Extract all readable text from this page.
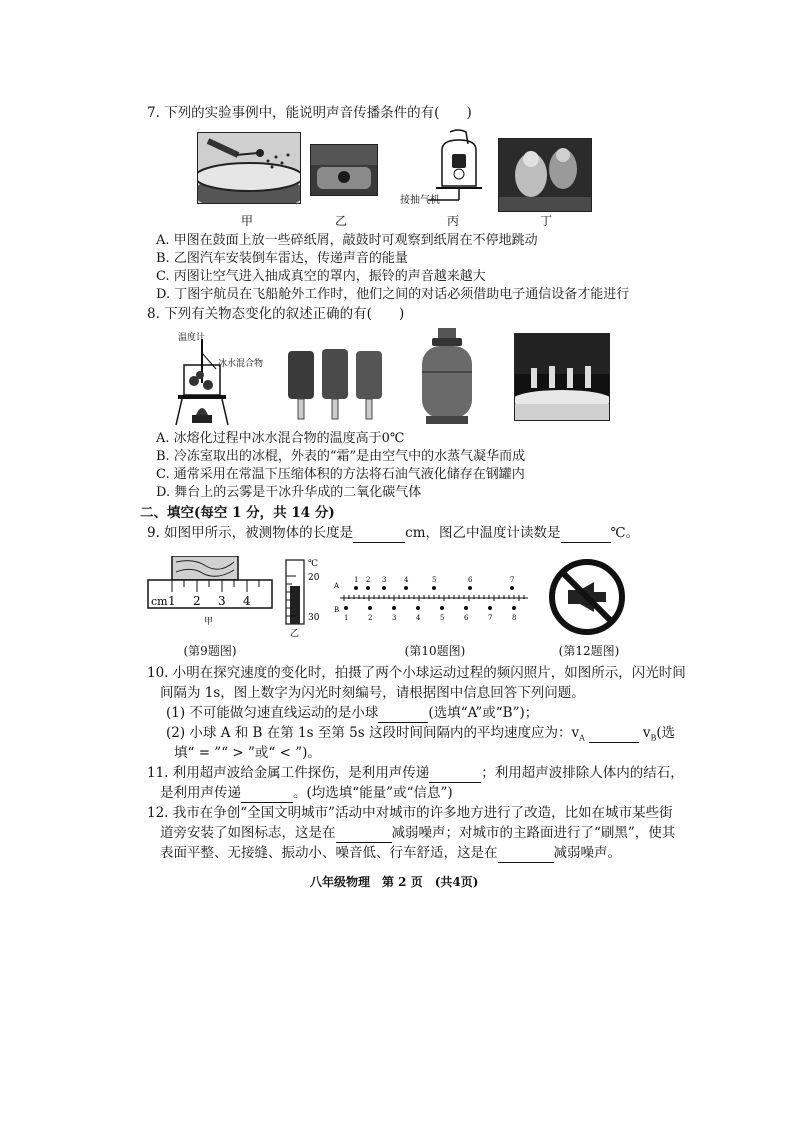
7. 下列的实验事例中，能说明声音传播条件的有(　　)
甲	乙
接抽气机
丙	丁
A. 甲图在鼓面上放一些碎纸屑，敲鼓时可观察到纸屑在不停地跳动
B. 乙图汽车安装倒车雷达，传递声音的能量
C. 丙图让空气进入抽成真空的罩内，振铃的声音越来越大
D. 丁图宇航员在飞船舱外工作时，他们之间的对话必须借助电子通信设备才能进行
8. 下列有关物态变化的叙述正确的有(　　)
温度计
冰水混合物
A. 冰熔化过程中冰水混合物的温度高于0℃
B. 冷冻室取出的冰棍，外表的“霜”是由空气中的水蒸气凝华而成
C. 通常采用在常温下压缩体积的方法将石油气液化储存在钢罐内
D. 舞台上的云雾是干冰升华成的二氧化碳气体
二、填空(每空 1 分，共 14 分)
9. 如图甲所示，被测物体的长度是	cm，图乙中温度计读数是	℃。
cm 1 2 3 4
甲
℃
20
30
乙
(第9题图)
A
B
1 2 3	4	5	6	7
1	2	3	4	5	6	7	8
(第10题图)	(第12题图)
10. 小明在探究速度的变化时，拍摄了两个小球运动过程的频闪照片，如图所示，闪光时间
间隔为 1s，图上数字为闪光时刻编号，请根据图中信息回答下列问题。
(1) 不可能做匀速直线运动的是小球	(选填“A”或“B”)；
(2) 小球 A 和 B 在第 1s 至第 5s 这段时间间隔内的平均速度应为：$v_A$	$v_B$(选
填“ = ”“ > ”或“ < ”)。
11. 利用超声波给金属工件探伤，是利用声传递	；利用超声波排除人体内的结石，
是利用声传递	。(均选填“能量”或“信息”)
12. 我市在争创“全国文明城市”活动中对城市的许多地方进行了改造，比如在城市某些街
道旁安装了如图标志，这是在	减弱噪声；对城市的主路面进行了“刷黑”，使其
表面平整、无接缝、振动小、噪音低、行车舒适，这是在	减弱噪声。
八年级物理　第 2 页　(共4页)
